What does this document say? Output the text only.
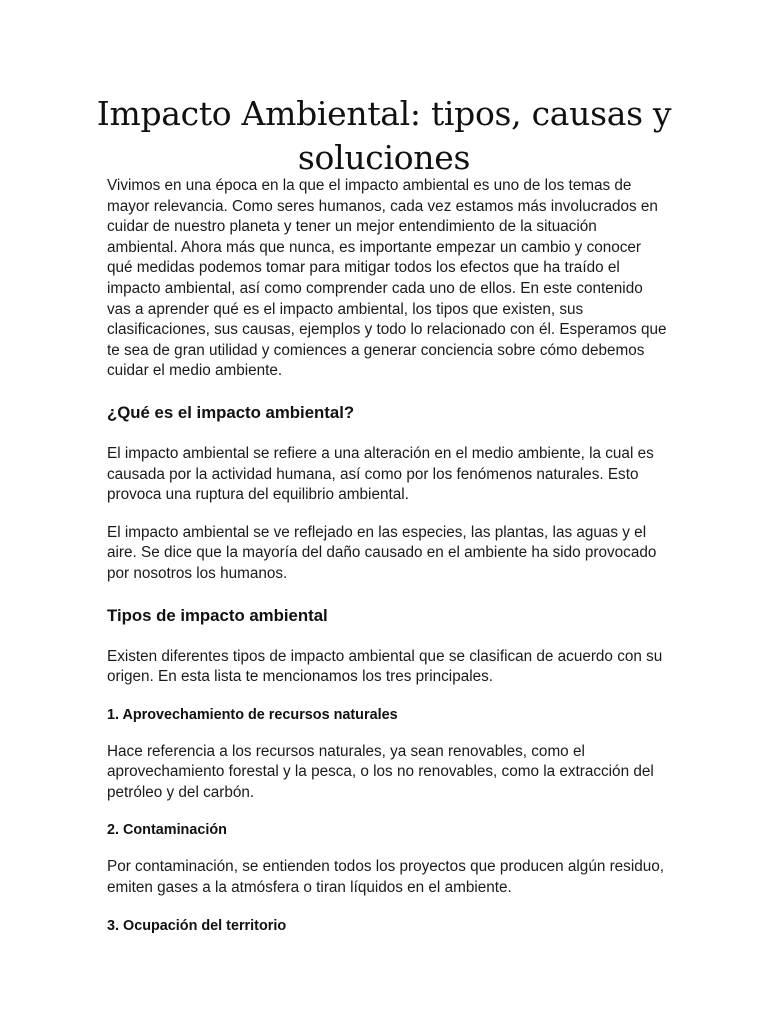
Impacto Ambiental: tipos, causas y soluciones

Vivimos en una época en la que el impacto ambiental es uno de los temas de mayor relevancia. Como seres humanos, cada vez estamos más involucrados en cuidar de nuestro planeta y tener un mejor entendimiento de la situación ambiental. Ahora más que nunca, es importante empezar un cambio y conocer qué medidas podemos tomar para mitigar todos los efectos que ha traído el impacto ambiental, así como comprender cada uno de ellos. En este contenido vas a aprender qué es el impacto ambiental, los tipos que existen, sus clasificaciones, sus causas, ejemplos y todo lo relacionado con él. Esperamos que te sea de gran utilidad y comiences a generar conciencia sobre cómo debemos cuidar el medio ambiente.

¿Qué es el impacto ambiental?

El impacto ambiental se refiere a una alteración en el medio ambiente, la cual es causada por la actividad humana, así como por los fenómenos naturales. Esto provoca una ruptura del equilibrio ambiental.

El impacto ambiental se ve reflejado en las especies, las plantas, las aguas y el aire. Se dice que la mayoría del daño causado en el ambiente ha sido provocado por nosotros los humanos.

Tipos de impacto ambiental

Existen diferentes tipos de impacto ambiental que se clasifican de acuerdo con su origen. En esta lista te mencionamos los tres principales.

1. Aprovechamiento de recursos naturales

Hace referencia a los recursos naturales, ya sean renovables, como el aprovechamiento forestal y la pesca, o los no renovables, como la extracción del petróleo y del carbón.

2. Contaminación

Por contaminación, se entienden todos los proyectos que producen algún residuo, emiten gases a la atmósfera o tiran líquidos en el ambiente.

3. Ocupación del territorio
